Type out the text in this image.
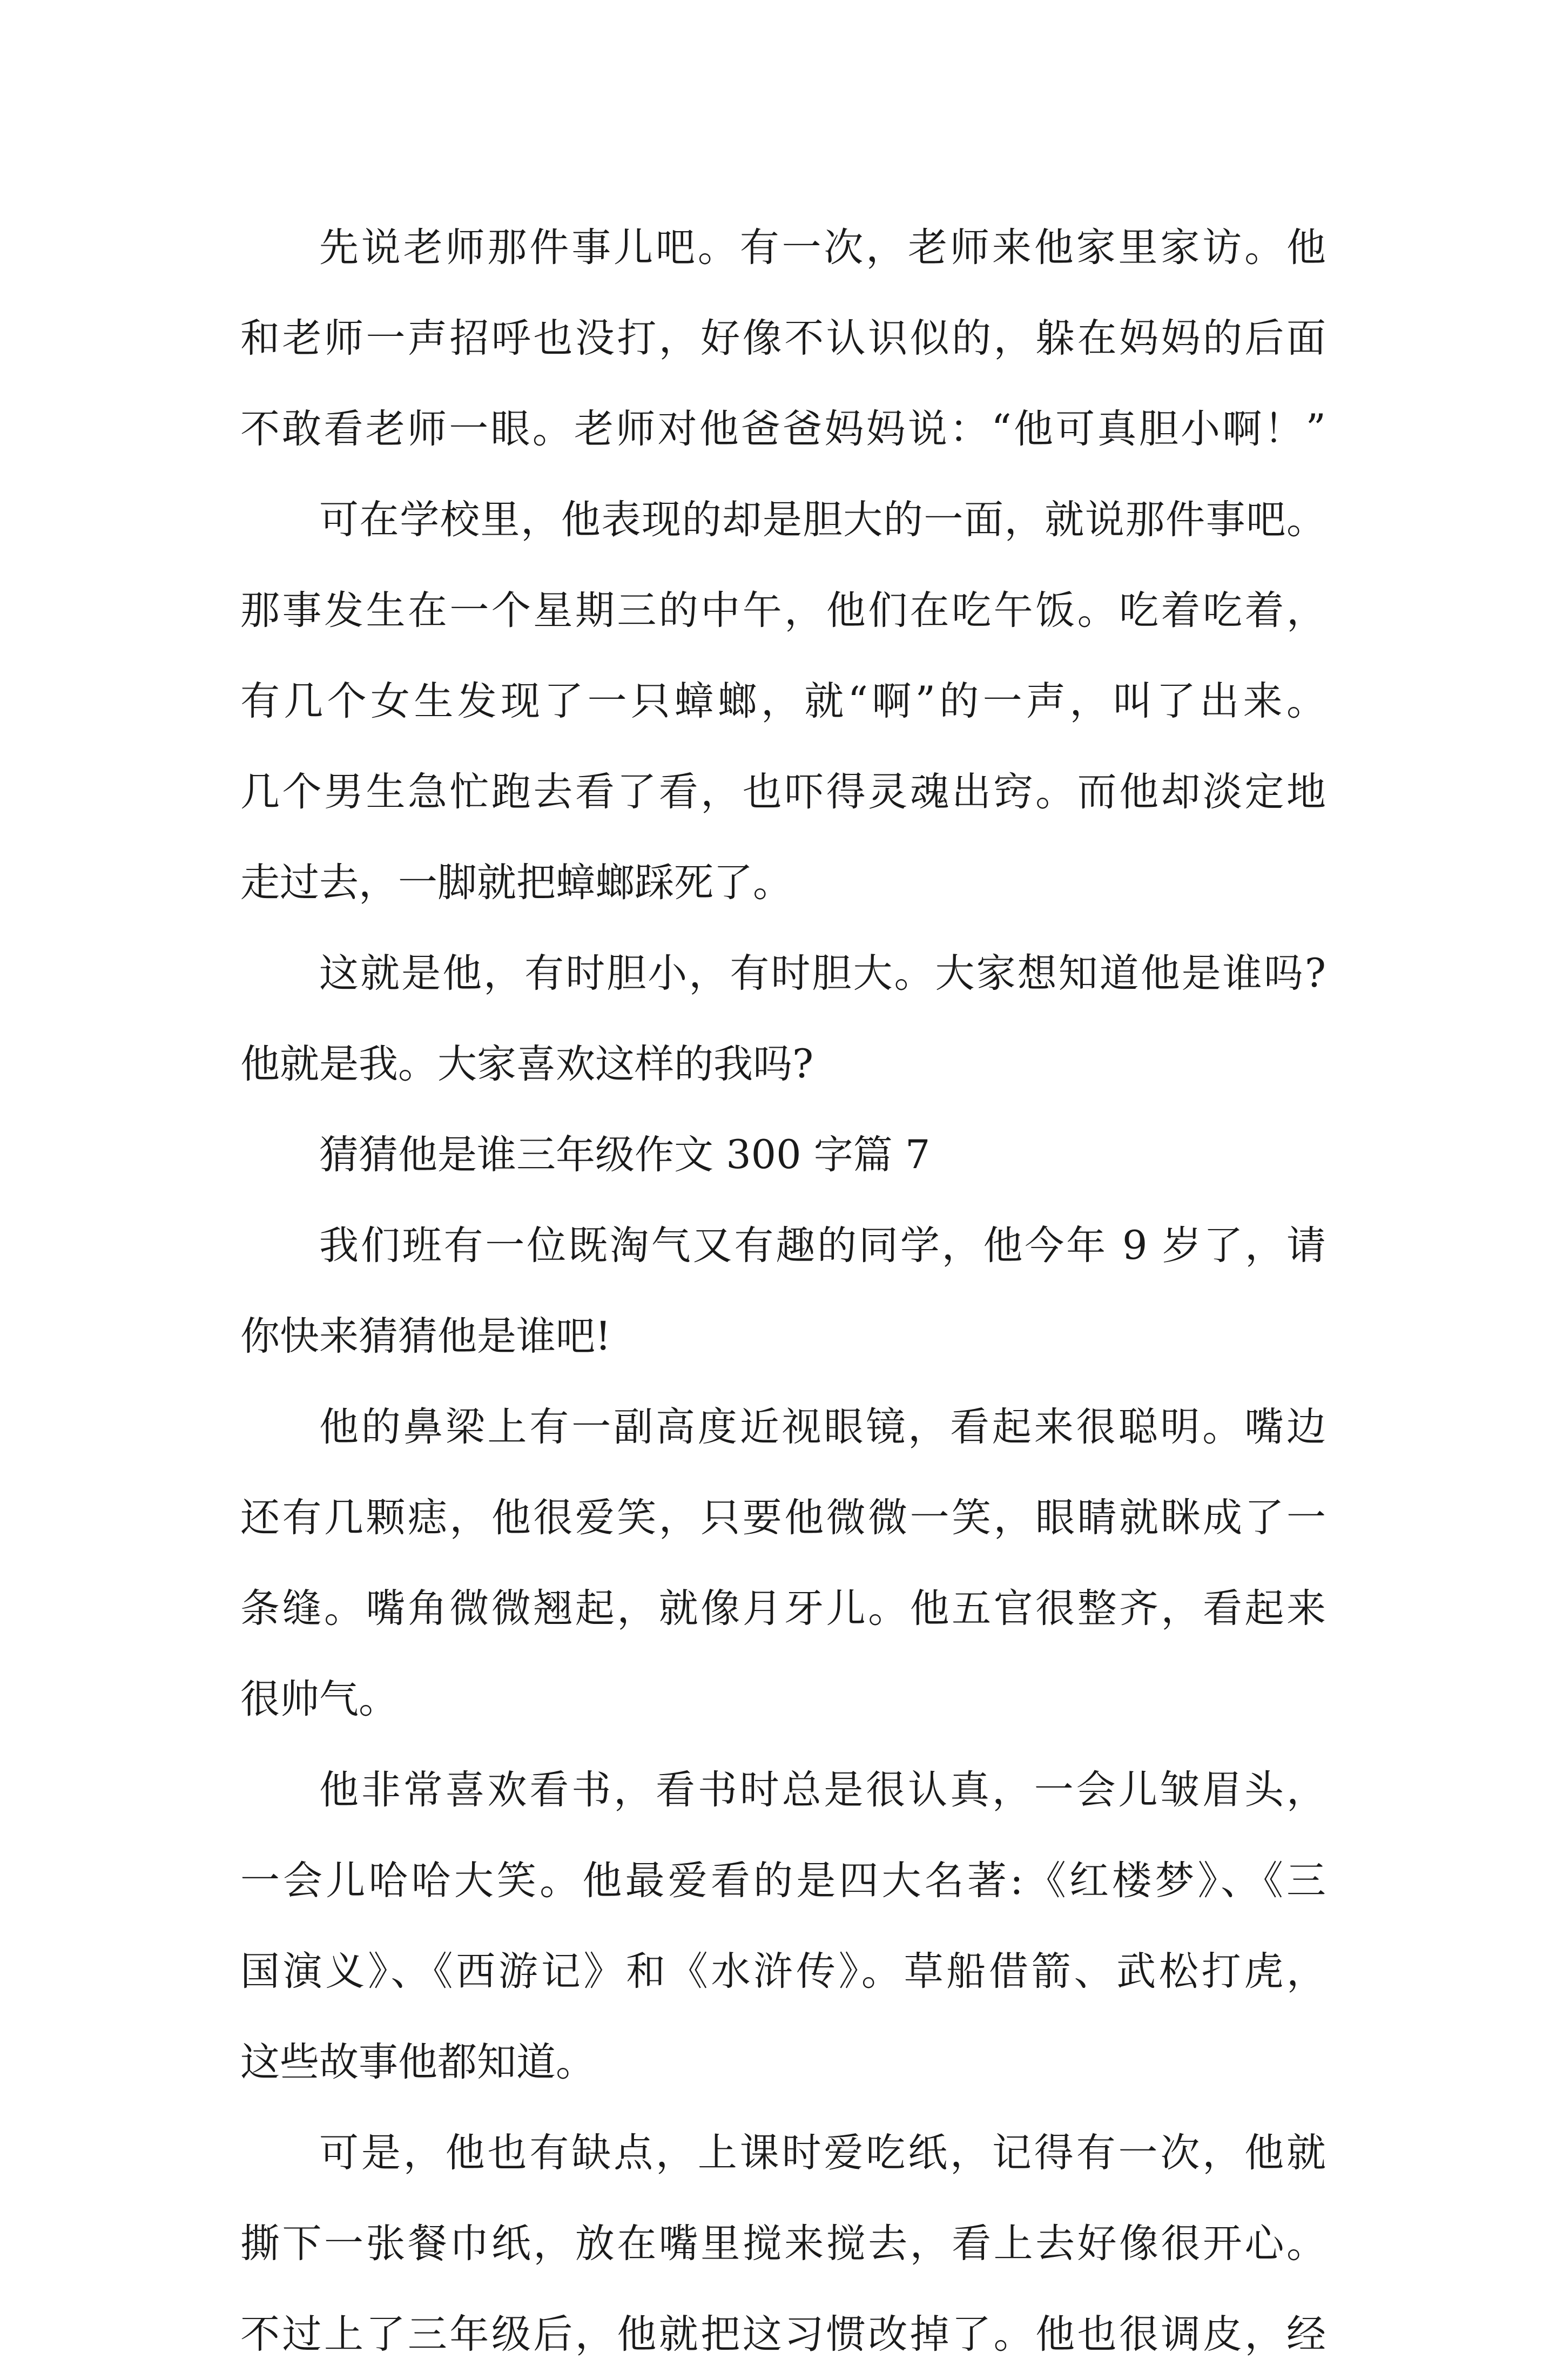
先说老师那件事儿吧。有一次，老师来他家里家访。他
和老师一声招呼也没打，好像不认识似的，躲在妈妈的后面
不敢看老师一眼。老师对他爸爸妈妈说：“他可真胆小啊！”
可在学校里，他表现的却是胆大的一面，就说那件事吧。
那事发生在一个星期三的中午，他们在吃午饭。吃着吃着，
有几个女生发现了一只蟑螂，就“啊”的一声，叫了出来。
几个男生急忙跑去看了看，也吓得灵魂出窍。而他却淡定地
走过去，一脚就把蟑螂踩死了。
这就是他，有时胆小，有时胆大。大家想知道他是谁吗?
他就是我。大家喜欢这样的我吗?
猜猜他是谁三年级作文 300 字篇 7
我们班有一位既淘气又有趣的同学，他今年 9 岁了，请
你快来猜猜他是谁吧!
他的鼻梁上有一副高度近视眼镜，看起来很聪明。嘴边
还有几颗痣，他很爱笑，只要他微微一笑，眼睛就眯成了一
条缝。嘴角微微翘起，就像月牙儿。他五官很整齐，看起来
很帅气。
他非常喜欢看书，看书时总是很认真，一会儿皱眉头，
一会儿哈哈大笑。他最爱看的是四大名著:《红楼梦》、《三
国演义》、《西游记》和《水浒传》。草船借箭、武松打虎，
这些故事他都知道。
可是，他也有缺点，上课时爱吃纸，记得有一次，他就
撕下一张餐巾纸，放在嘴里搅来搅去，看上去好像很开心。
不过上了三年级后，他就把这习惯改掉了。他也很调皮，经
